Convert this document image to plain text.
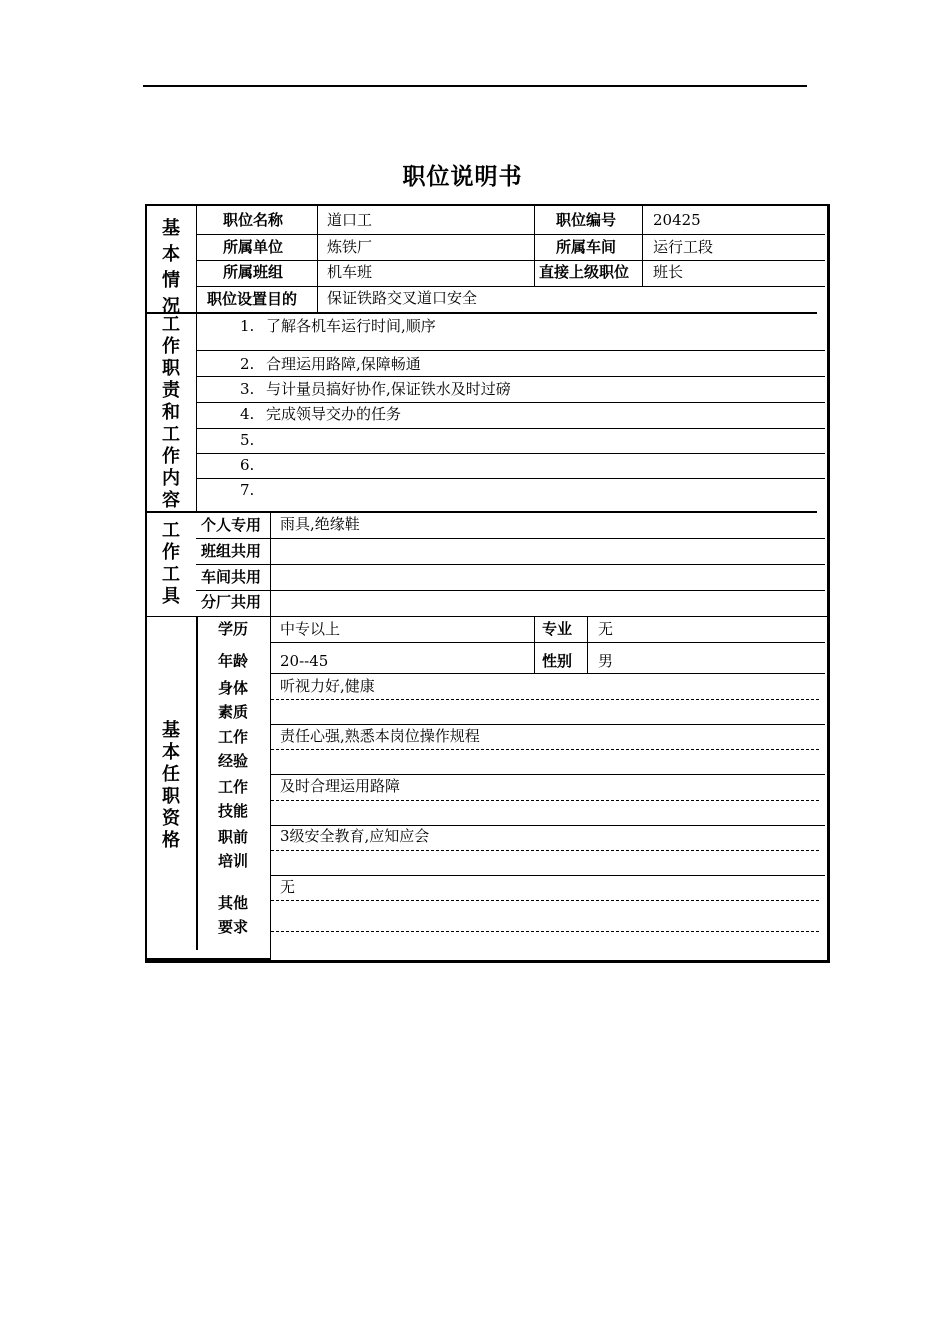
职位说明书
基
本
情
况
工
作
职
责
和
工
作
内
容
工
作
工
具
基
本
任
职
资
格
职位名称	道口工	职位编号 20425
所属单位	炼铁厂	所属车间 运行工段
所属班组	机车班	直接上级职位 班长
职位设置目的 保证铁路交叉道口安全
1. 了解各机车运行时间,顺序
2. 合理运用路障,保障畅通
3. 与计量员搞好协作,保证铁水及时过磅
4. 完成领导交办的任务
5.
6.
7.
个人专用 雨具,绝缘鞋
班组共用
车间共用
分厂共用
学历 中专以上	专业 无
年龄 20--45	性别 男
身体
素质
听视力好,健康
工作
经验
责任心强,熟悉本岗位操作规程
工作
技能
及时合理运用路障
职前
培训
3级安全教育,应知应会
其他
要求
无
